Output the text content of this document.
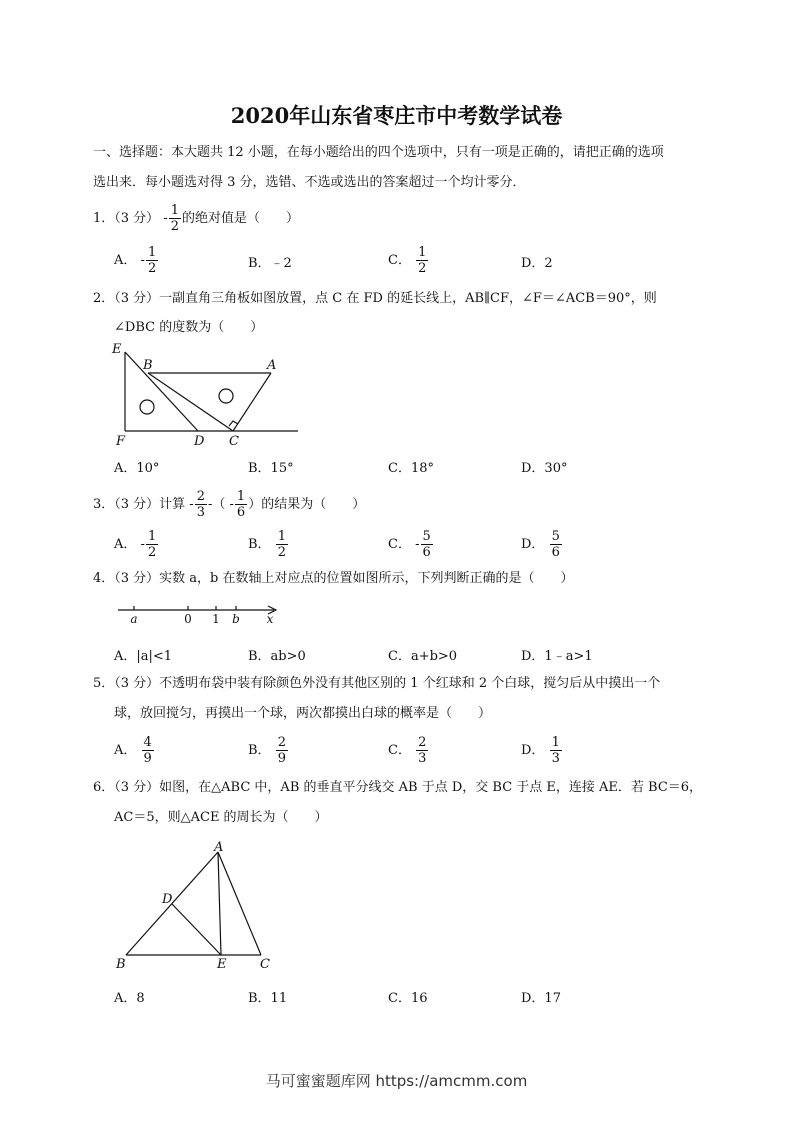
2020年山东省枣庄市中考数学试卷
一、选择题：本大题共 12 小题，在每小题给出的四个选项中，只有一项是正确的，请把正确的选项
选出来．每小题选对得 3 分，选错、不选或选出的答案超过一个均计零分．
1．（3 分） - $\frac{1}{2}$ 的绝对值是（　　）
A． - $\frac{1}{2}$	B．﹣2	C． $\frac{1}{2}$	D．2
2．（3 分）一副直角三角板如图放置，点 C 在 FD 的延长线上，AB∥CF，∠F＝∠ACB＝90°，则
∠DBC 的度数为（　　）
E
B	A
F	D C
A．10°	B．15°	C．18°	D．30°
3．（3 分）计算 - $\frac{2}{3}$ -（ - $\frac{1}{6}$ ）的结果为（　　）
A． - $\frac{1}{2}$	B． $\frac{1}{2}$	C． - $\frac{5}{6}$	D． $\frac{5}{6}$
4．（3 分）实数 a，b 在数轴上对应点的位置如图所示，下列判断正确的是（　　）
a	0 1 b x
A．|a|<1	B．ab>0	C．a+b>0	D．1﹣a>1
5．（3 分）不透明布袋中装有除颜色外没有其他区别的 1 个红球和 2 个白球，搅匀后从中摸出一个
球，放回搅匀，再摸出一个球，两次都摸出白球的概率是（　　）
A． $\frac{4}{9}$	B． $\frac{2}{9}$	C． $\frac{2}{3}$	D． $\frac{1}{3}$
6．（3 分）如图，在△ABC 中，AB 的垂直平分线交 AB 于点 D，交 BC 于点 E，连接 AE．若 BC＝6，
AC＝5，则△ACE 的周长为（　　）
A
D
B	E	C
A．8	B．11	C．16	D．17
马可蜜蜜题库网 https://amcmm.com
